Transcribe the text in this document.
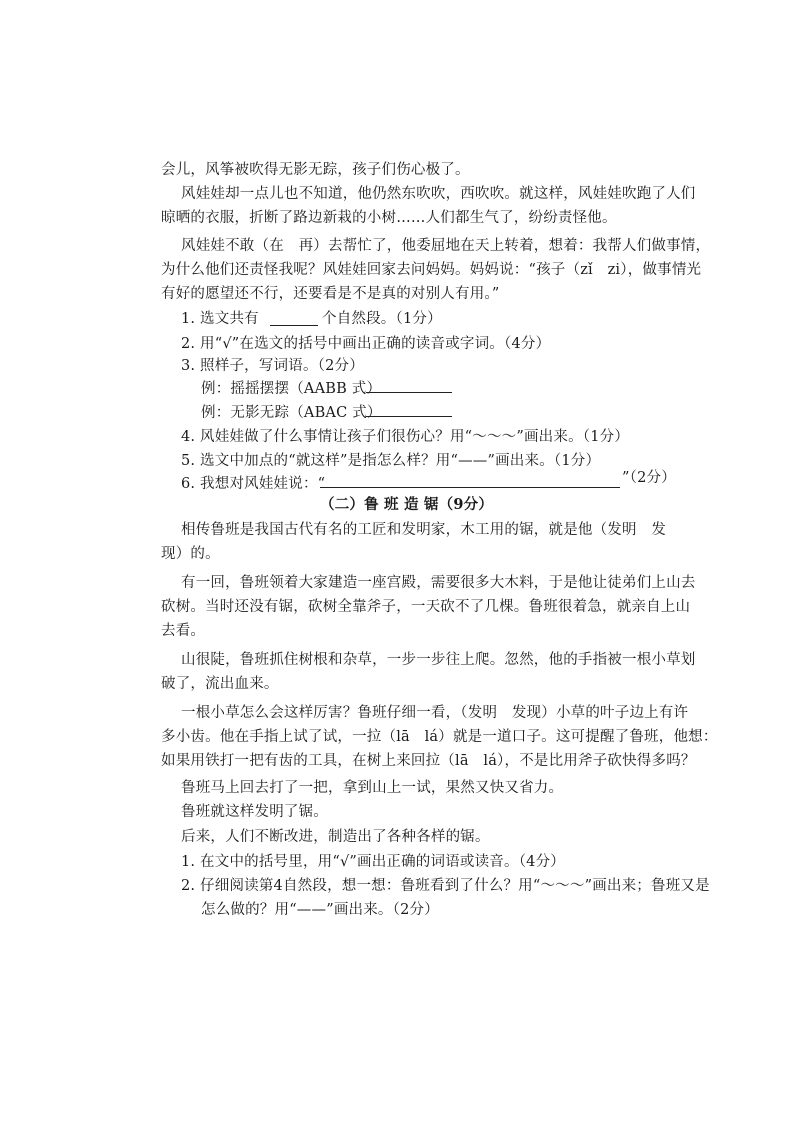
会儿，风筝被吹得无影无踪，孩子们伤心极了。
风娃娃却一点儿也不知道，他仍然东吹吹，西吹吹。就这样，风娃娃吹跑了人们
晾晒的衣服，折断了路边新栽的小树……人们都生气了，纷纷责怪他。
风娃娃不敢（在　再）去帮忙了，他委屈地在天上转着，想着：我帮人们做事情，
为什么他们还责怪我呢？风娃娃回家去问妈妈。妈妈说：“孩子（zǐ　zi），做事情光
有好的愿望还不行，还要看是不是真的对别人有用。”
1. 选文共有	个自然段。（1分）
2. 用“√”在选文的括号中画出正确的读音或字词。（4分）
3. 照样子，写词语。（2分）
例：摇摇摆摆（AABB 式）
例：无影无踪（ABAC 式）
4. 风娃娃做了什么事情让孩子们很伤心？用“～～～”画出来。（1分）
5. 选文中加点的“就这样”是指怎么样？用“——”画出来。（1分）
6. 我想对风娃娃说：“	”（2分）
（二）鲁 班 造 锯（9分）
相传鲁班是我国古代有名的工匠和发明家，木工用的锯，就是他（发明　发
现）的。
有一回，鲁班领着大家建造一座宫殿，需要很多大木料，于是他让徒弟们上山去
砍树。当时还没有锯，砍树全靠斧子，一天砍不了几棵。鲁班很着急，就亲自上山
去看。
山很陡，鲁班抓住树根和杂草，一步一步往上爬。忽然，他的手指被一根小草划
破了，流出血来。
一根小草怎么会这样厉害？鲁班仔细一看，（发明　发现）小草的叶子边上有许
多小齿。他在手指上试了试，一拉（lā　lá）就是一道口子。这可提醒了鲁班，他想：
如果用铁打一把有齿的工具，在树上来回拉（lā　lá），不是比用斧子砍快得多吗？
鲁班马上回去打了一把，拿到山上一试，果然又快又省力。
鲁班就这样发明了锯。
后来，人们不断改进，制造出了各种各样的锯。
1. 在文中的括号里，用“√”画出正确的词语或读音。（4分）
2. 仔细阅读第4自然段，想一想：鲁班看到了什么？用“～～～”画出来；鲁班又是
怎么做的？用“——”画出来。（2分）
